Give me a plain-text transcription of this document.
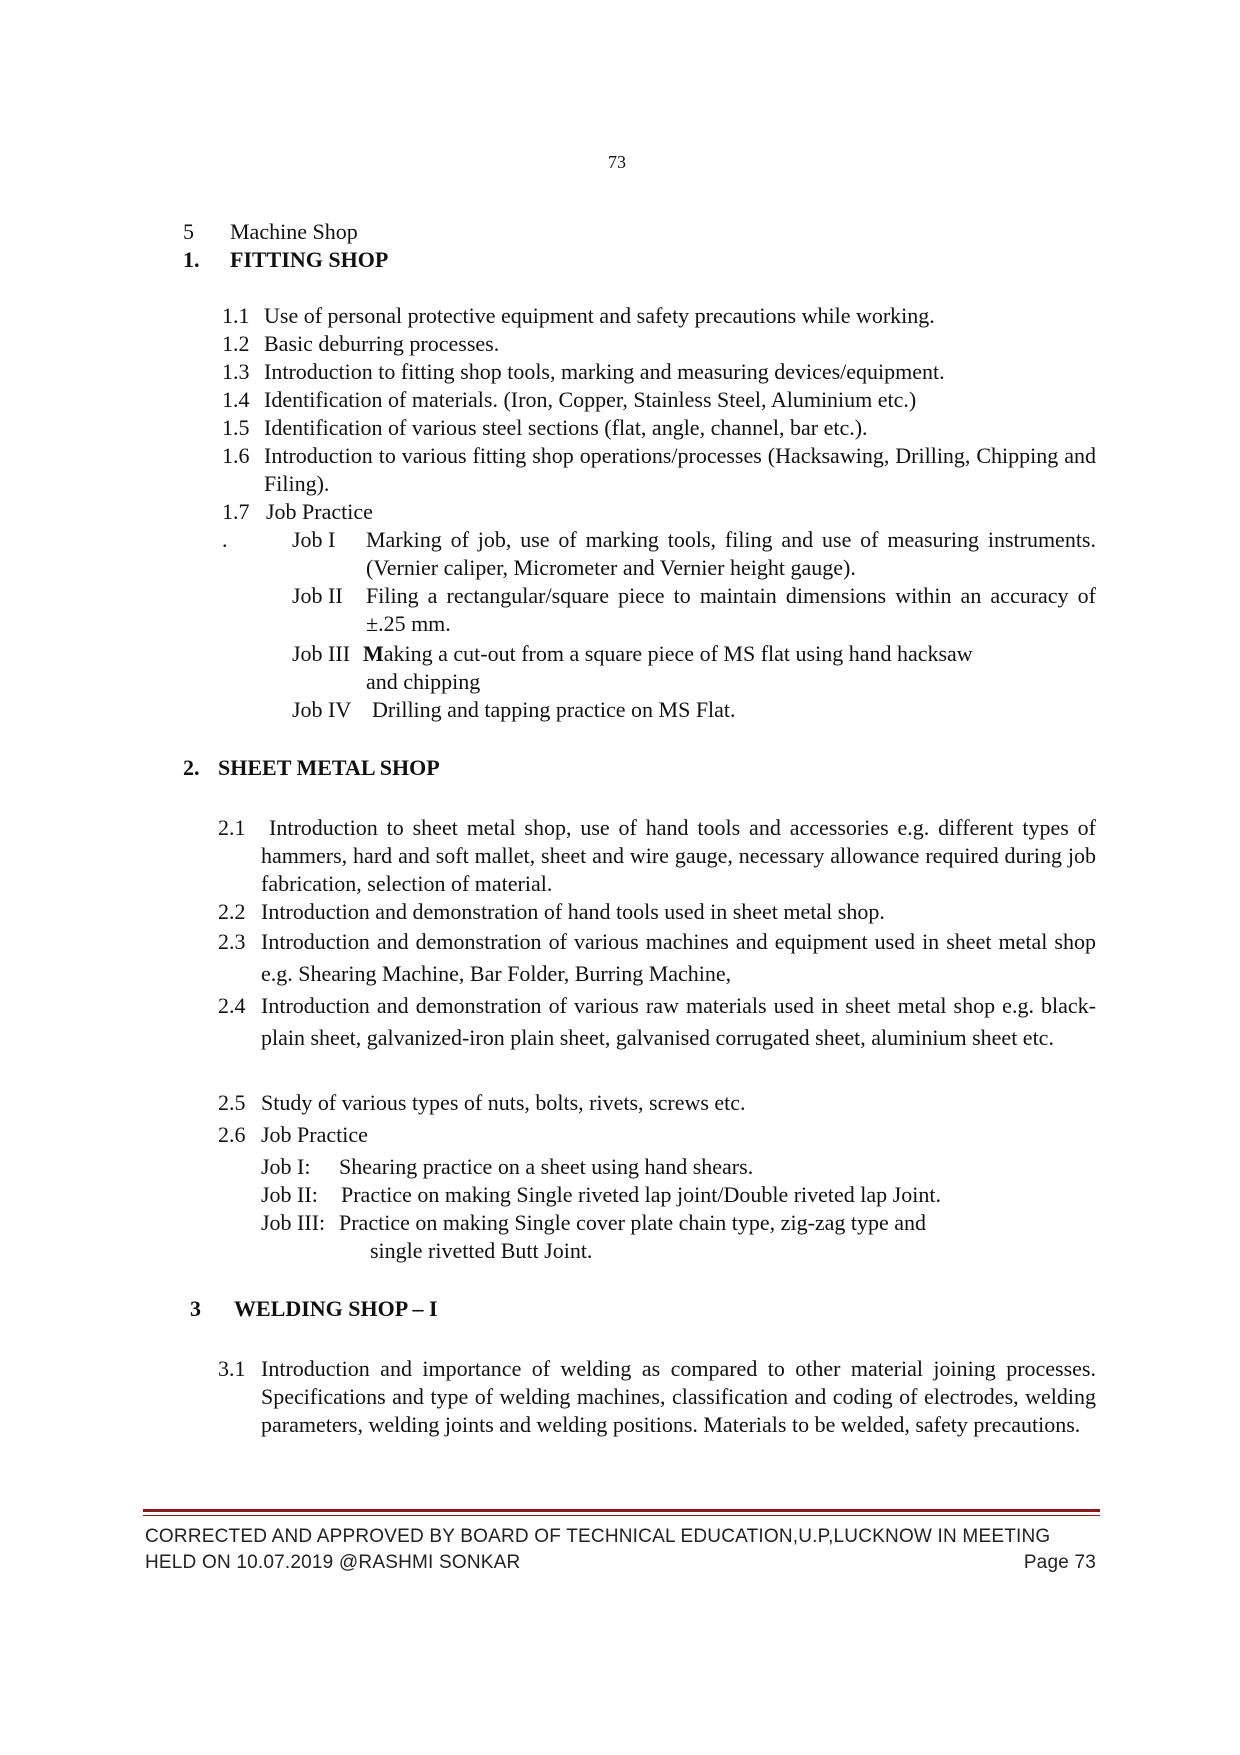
73
5 Machine Shop
1. FITTING SHOP
1.1 Use of personal protective equipment and safety precautions while working.
1.2 Basic deburring processes.
1.3 Introduction to fitting shop tools, marking and measuring devices/equipment.
1.4 Identification of materials. (Iron, Copper, Stainless Steel, Aluminium etc.)
1.5 Identification of various steel sections (flat, angle, channel, bar etc.).
1.6 Introduction to various fitting shop operations/processes (Hacksawing, Drilling, Chipping and Filing).
1.7 Job Practice
.	Job I Marking of job, use of marking tools, filing and use of measuring instruments. (Vernier caliper, Micrometer and Vernier height gauge).
Job II Filing a rectangular/square piece to maintain dimensions within an accuracy of ±.25 mm.
Job III Making a cut-out from a square piece of MS flat using hand hacksaw
and chipping
Job IV Drilling and tapping practice on MS Flat.
2. SHEET METAL SHOP
2.1	Introduction to sheet metal shop, use of hand tools and accessories e.g. different types of hammers, hard and soft mallet, sheet and wire gauge, necessary allowance required during job fabrication, selection of material.
2.2 Introduction and demonstration of hand tools used in sheet metal shop.
2.3 Introduction and demonstration of various machines and equipment used in sheet metal shop e.g. Shearing Machine, Bar Folder, Burring Machine,
2.4 Introduction and demonstration of various raw materials used in sheet metal shop e.g. black-plain sheet, galvanized-iron plain sheet, galvanised corrugated sheet, aluminium sheet etc.
2.5 Study of various types of nuts, bolts, rivets, screws etc.
2.6 Job Practice
Job I: Shearing practice on a sheet using hand shears.
Job II: Practice on making Single riveted lap joint/Double riveted lap Joint.
Job III: Practice on making Single cover plate chain type, zig-zag type and
single rivetted Butt Joint.
3 WELDING SHOP – I
3.1 Introduction and importance of welding as compared to other material joining processes. Specifications and type of welding machines, classification and coding of electrodes, welding parameters, welding joints and welding positions. Materials to be welded, safety precautions.
CORRECTED AND APPROVED BY BOARD OF TECHNICAL EDUCATION,U.P,LUCKNOW IN MEETING
HELD ON 10.07.2019 @RASHMI SONKAR	Page 73
